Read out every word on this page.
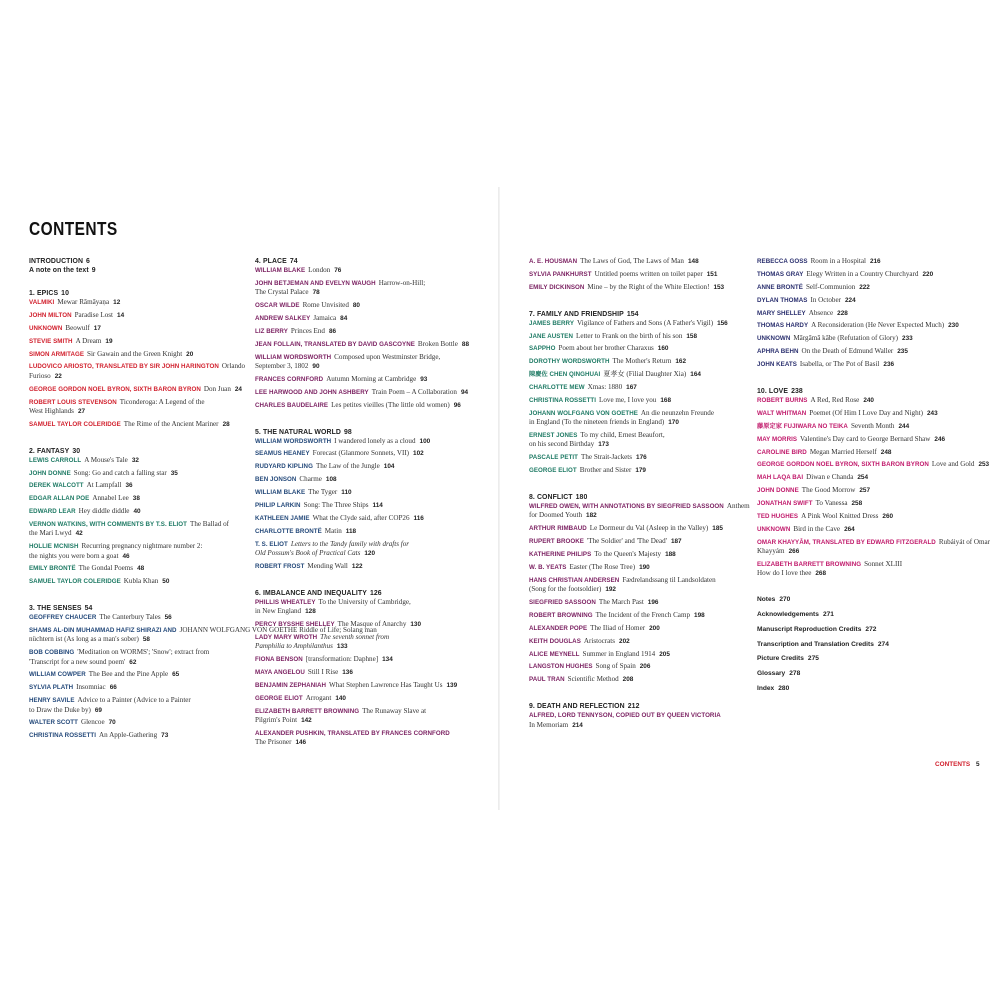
CONTENTS
INTRODUCTION 6
A note on the text 9
1. EPICS 10
VALMIKI Mewar Rāmāyaṇa 12
JOHN MILTON Paradise Lost 14
UNKNOWN Beowulf 17
STEVIE SMITH A Dream 19
SIMON ARMITAGE Sir Gawain and the Green Knight 20
LUDOVICO ARIOSTO, TRANSLATED BY SIR JOHN HARINGTON Orlando
Furioso 22
GEORGE GORDON NOEL BYRON, SIXTH BARON BYRON Don Juan 24
ROBERT LOUIS STEVENSON Ticonderoga: A Legend of the
West Highlands 27
SAMUEL TAYLOR COLERIDGE The Rime of the Ancient Mariner 28
2. FANTASY 30
LEWIS CARROLL A Mouse's Tale 32
JOHN DONNE Song: Go and catch a falling star 35
DEREK WALCOTT At Lampfall 36
EDGAR ALLAN POE Annabel Lee 38
EDWARD LEAR Hey diddle diddle 40
VERNON WATKINS, WITH COMMENTS BY T.S. ELIOT The Ballad of
the Mari Lwyd 42
HOLLIE MCNISH Recurring pregnancy nightmare number 2:
the nights you were born a goat 46
EMILY BRONTË The Gondal Poems 48
SAMUEL TAYLOR COLERIDGE Kubla Khan 50
3. THE SENSES 54
GEOFFREY CHAUCER The Canterbury Tales 56
SHAMS AL-DIN MUHAMMAD HAFIZ SHIRAZI AND JOHANN WOLFGANG VON GOETHE Riddle of Life; Solang man
nüchtern ist (As long as a man's sober) 58
BOB COBBING 'Meditation on WORMS'; 'Snow'; extract from
'Transcript for a new sound poem' 62
WILLIAM COWPER The Bee and the Pine Apple 65
SYLVIA PLATH Insomniac 66
HENRY SAVILE Advice to a Painter (Advice to a Painter
to Draw the Duke by) 69
WALTER SCOTT Glencoe 70
CHRISTINA ROSSETTI An Apple-Gathering 73
4. PLACE 74
WILLIAM BLAKE London 76
JOHN BETJEMAN AND EVELYN WAUGH Harrow-on-Hill;
The Crystal Palace 78
OSCAR WILDE Rome Unvisited 80
ANDREW SALKEY Jamaica 84
LIZ BERRY Princes End 86
JEAN FOLLAIN, TRANSLATED BY DAVID GASCOYNE Broken Bottle 88
WILLIAM WORDSWORTH Composed upon Westminster Bridge,
September 3, 1802 90
FRANCES CORNFORD Autumn Morning at Cambridge 93
LEE HARWOOD AND JOHN ASHBERY Train Poem – A Collaboration 94
CHARLES BAUDELAIRE Les petites vieilles (The little old women) 96
5. THE NATURAL WORLD 98
WILLIAM WORDSWORTH I wandered lonely as a cloud 100
SEAMUS HEANEY Forecast (Glanmore Sonnets, VII) 102
RUDYARD KIPLING The Law of the Jungle 104
BEN JONSON Charme 108
WILLIAM BLAKE The Tyger 110
PHILIP LARKIN Song: The Three Ships 114
KATHLEEN JAMIE What the Clyde said, after COP26 116
CHARLOTTE BRONTË Matin 118
T. S. ELIOT Letters to the Tandy family with drafts for
Old Possum's Book of Practical Cats 120
ROBERT FROST Mending Wall 122
6. IMBALANCE AND INEQUALITY 126
PHILLIS WHEATLEY To the University of Cambridge,
in New England 128
PERCY BYSSHE SHELLEY The Masque of Anarchy 130
LADY MARY WROTH The seventh sonnet from
Pamphilia to Amphilanthus 133
FIONA BENSON [transformation: Daphne] 134
MAYA ANGELOU Still I Rise 136
BENJAMIN ZEPHANIAH What Stephen Lawrence Has Taught Us 139
GEORGE ELIOT Arrogant 140
ELIZABETH BARRETT BROWNING The Runaway Slave at
Pilgrim's Point 142
ALEXANDER PUSHKIN, TRANSLATED BY FRANCES CORNFORD
The Prisoner 146
A. E. HOUSMAN The Laws of God, The Laws of Man 148
SYLVIA PANKHURST Untitled poems written on toilet paper 151
EMILY DICKINSON Mine – by the Right of the White Election! 153
7. FAMILY AND FRIENDSHIP 154
JAMES BERRY Vigilance of Fathers and Sons (A Father's Vigil) 156
JANE AUSTEN Letter to Frank on the birth of his son 158
SAPPHO Poem about her brother Charaxus 160
DOROTHY WORDSWORTH The Mother's Return 162
陳慶佐 CHEN QINGHUAI 夏孝女 (Filial Daughter Xia) 164
CHARLOTTE MEW Xmas: 1880 167
CHRISTINA ROSSETTI Love me, I love you 168
JOHANN WOLFGANG VON GOETHE An die neunzehn Freunde
in England (To the nineteen friends in England) 170
ERNEST JONES To my child, Ernest Beaufort,
on his second Birthday 173
PASCALE PETIT The Strait-Jackets 176
GEORGE ELIOT Brother and Sister 179
8. CONFLICT 180
WILFRED OWEN, WITH ANNOTATIONS BY SIEGFRIED SASSOON Anthem
for Doomed Youth 182
ARTHUR RIMBAUD Le Dormeur du Val (Asleep in the Valley) 185
RUPERT BROOKE 'The Soldier' and 'The Dead' 187
KATHERINE PHILIPS To the Queen's Majesty 188
W. B. YEATS Easter (The Rose Tree) 190
HANS CHRISTIAN ANDERSEN Fædrelandssang til Landsoldaten
(Song for the footsoldier) 192
SIEGFRIED SASSOON The March Past 196
ROBERT BROWNING The Incident of the French Camp 198
ALEXANDER POPE The Iliad of Homer 200
KEITH DOUGLAS Aristocrats 202
ALICE MEYNELL Summer in England 1914 205
LANGSTON HUGHES Song of Spain 206
PAUL TRAN Scientific Method 208
9. DEATH AND REFLECTION 212
ALFRED, LORD TENNYSON, COPIED OUT BY QUEEN VICTORIA
In Memoriam 214
REBECCA GOSS Room in a Hospital 216
THOMAS GRAY Elegy Written in a Country Churchyard 220
ANNE BRONTË Self-Communion 222
DYLAN THOMAS In October 224
MARY SHELLEY Absence 228
THOMAS HARDY A Reconsideration (He Never Expected Much) 230
UNKNOWN Mārgāmā kābe (Refutation of Glory) 233
APHRA BEHN On the Death of Edmund Waller 235
JOHN KEATS Isabella, or The Pot of Basil 236
10. LOVE 238
ROBERT BURNS A Red, Red Rose 240
WALT WHITMAN Poemet (Of Him I Love Day and Night) 243
藤原定家 FUJIWARA NO TEIKA Seventh Month 244
MAY MORRIS Valentine's Day card to George Bernard Shaw 246
CAROLINE BIRD Megan Married Herself 248
GEORGE GORDON NOEL BYRON, SIXTH BARON BYRON Love and Gold 253
MAH LAQA BAI Diwan e Chanda 254
JOHN DONNE The Good Morrow 257
JONATHAN SWIFT To Vanessa 258
TED HUGHES A Pink Wool Knitted Dress 260
UNKNOWN Bird in the Cave 264
OMAR KHAYYĀM, TRANSLATED BY EDWARD FITZGERALD Rubáiyát of Omar
Khayyám 266
ELIZABETH BARRETT BROWNING Sonnet XLIII
How do I love thee 268
Notes 270
Acknowledgements 271
Manuscript Reproduction Credits 272
Transcription and Translation Credits 274
Picture Credits 275
Glossary 278
Index 280
CONTENTS 5
